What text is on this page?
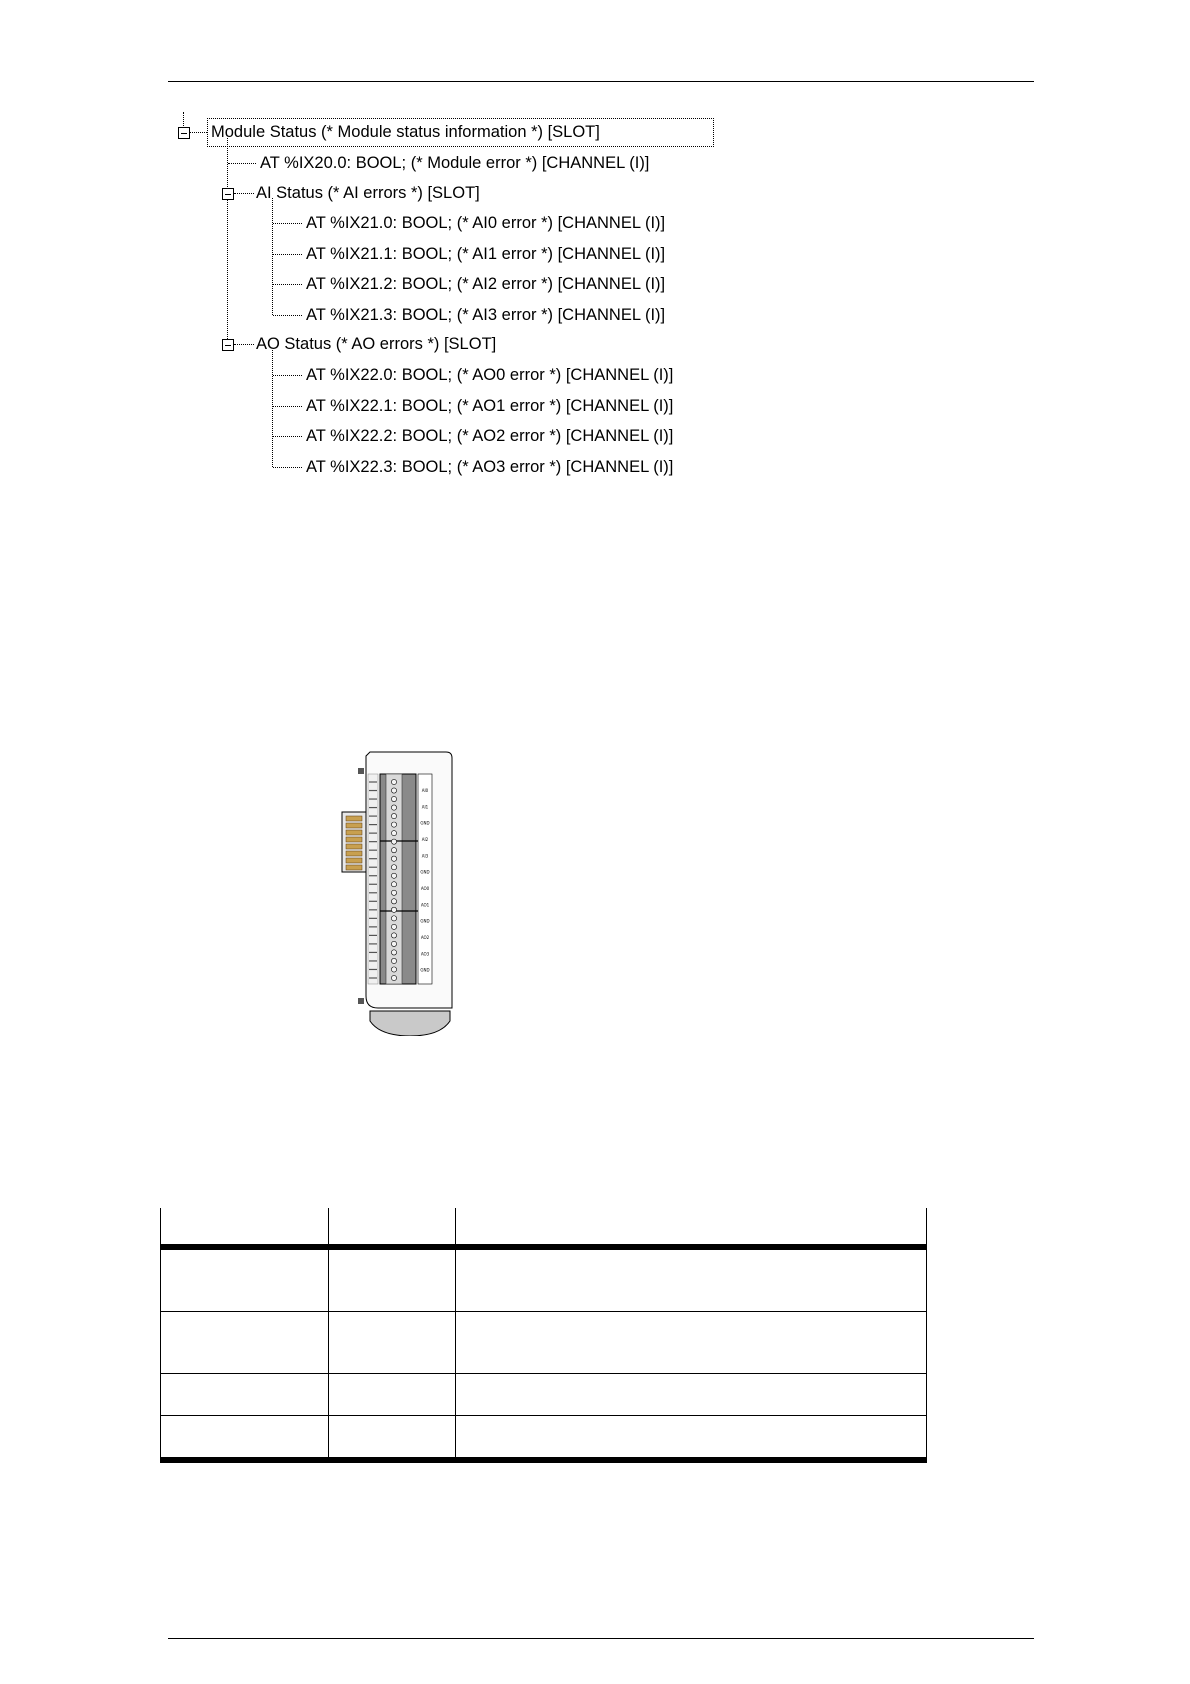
Module Status (* Module status information *) [SLOT]
AT %IX20.0: BOOL; (* Module error *) [CHANNEL (I)]
AI Status (* AI errors *) [SLOT]
AT %IX21.0: BOOL; (* AI0 error *) [CHANNEL (I)]
AT %IX21.1: BOOL; (* AI1 error *) [CHANNEL (I)]
AT %IX21.2: BOOL; (* AI2 error *) [CHANNEL (I)]
AT %IX21.3: BOOL; (* AI3 error *) [CHANNEL (I)]
AO Status (* AO errors *) [SLOT]
AT %IX22.0: BOOL; (* AO0 error *) [CHANNEL (I)]
AT %IX22.1: BOOL; (* AO1 error *) [CHANNEL (I)]
AT %IX22.2: BOOL; (* AO2 error *) [CHANNEL (I)]
AT %IX22.3: BOOL; (* AO3 error *) [CHANNEL (I)]
AI0
AI1
GND
AI2
AI3
GND
AO0
AO1
GND
AO2
AO3
GND
